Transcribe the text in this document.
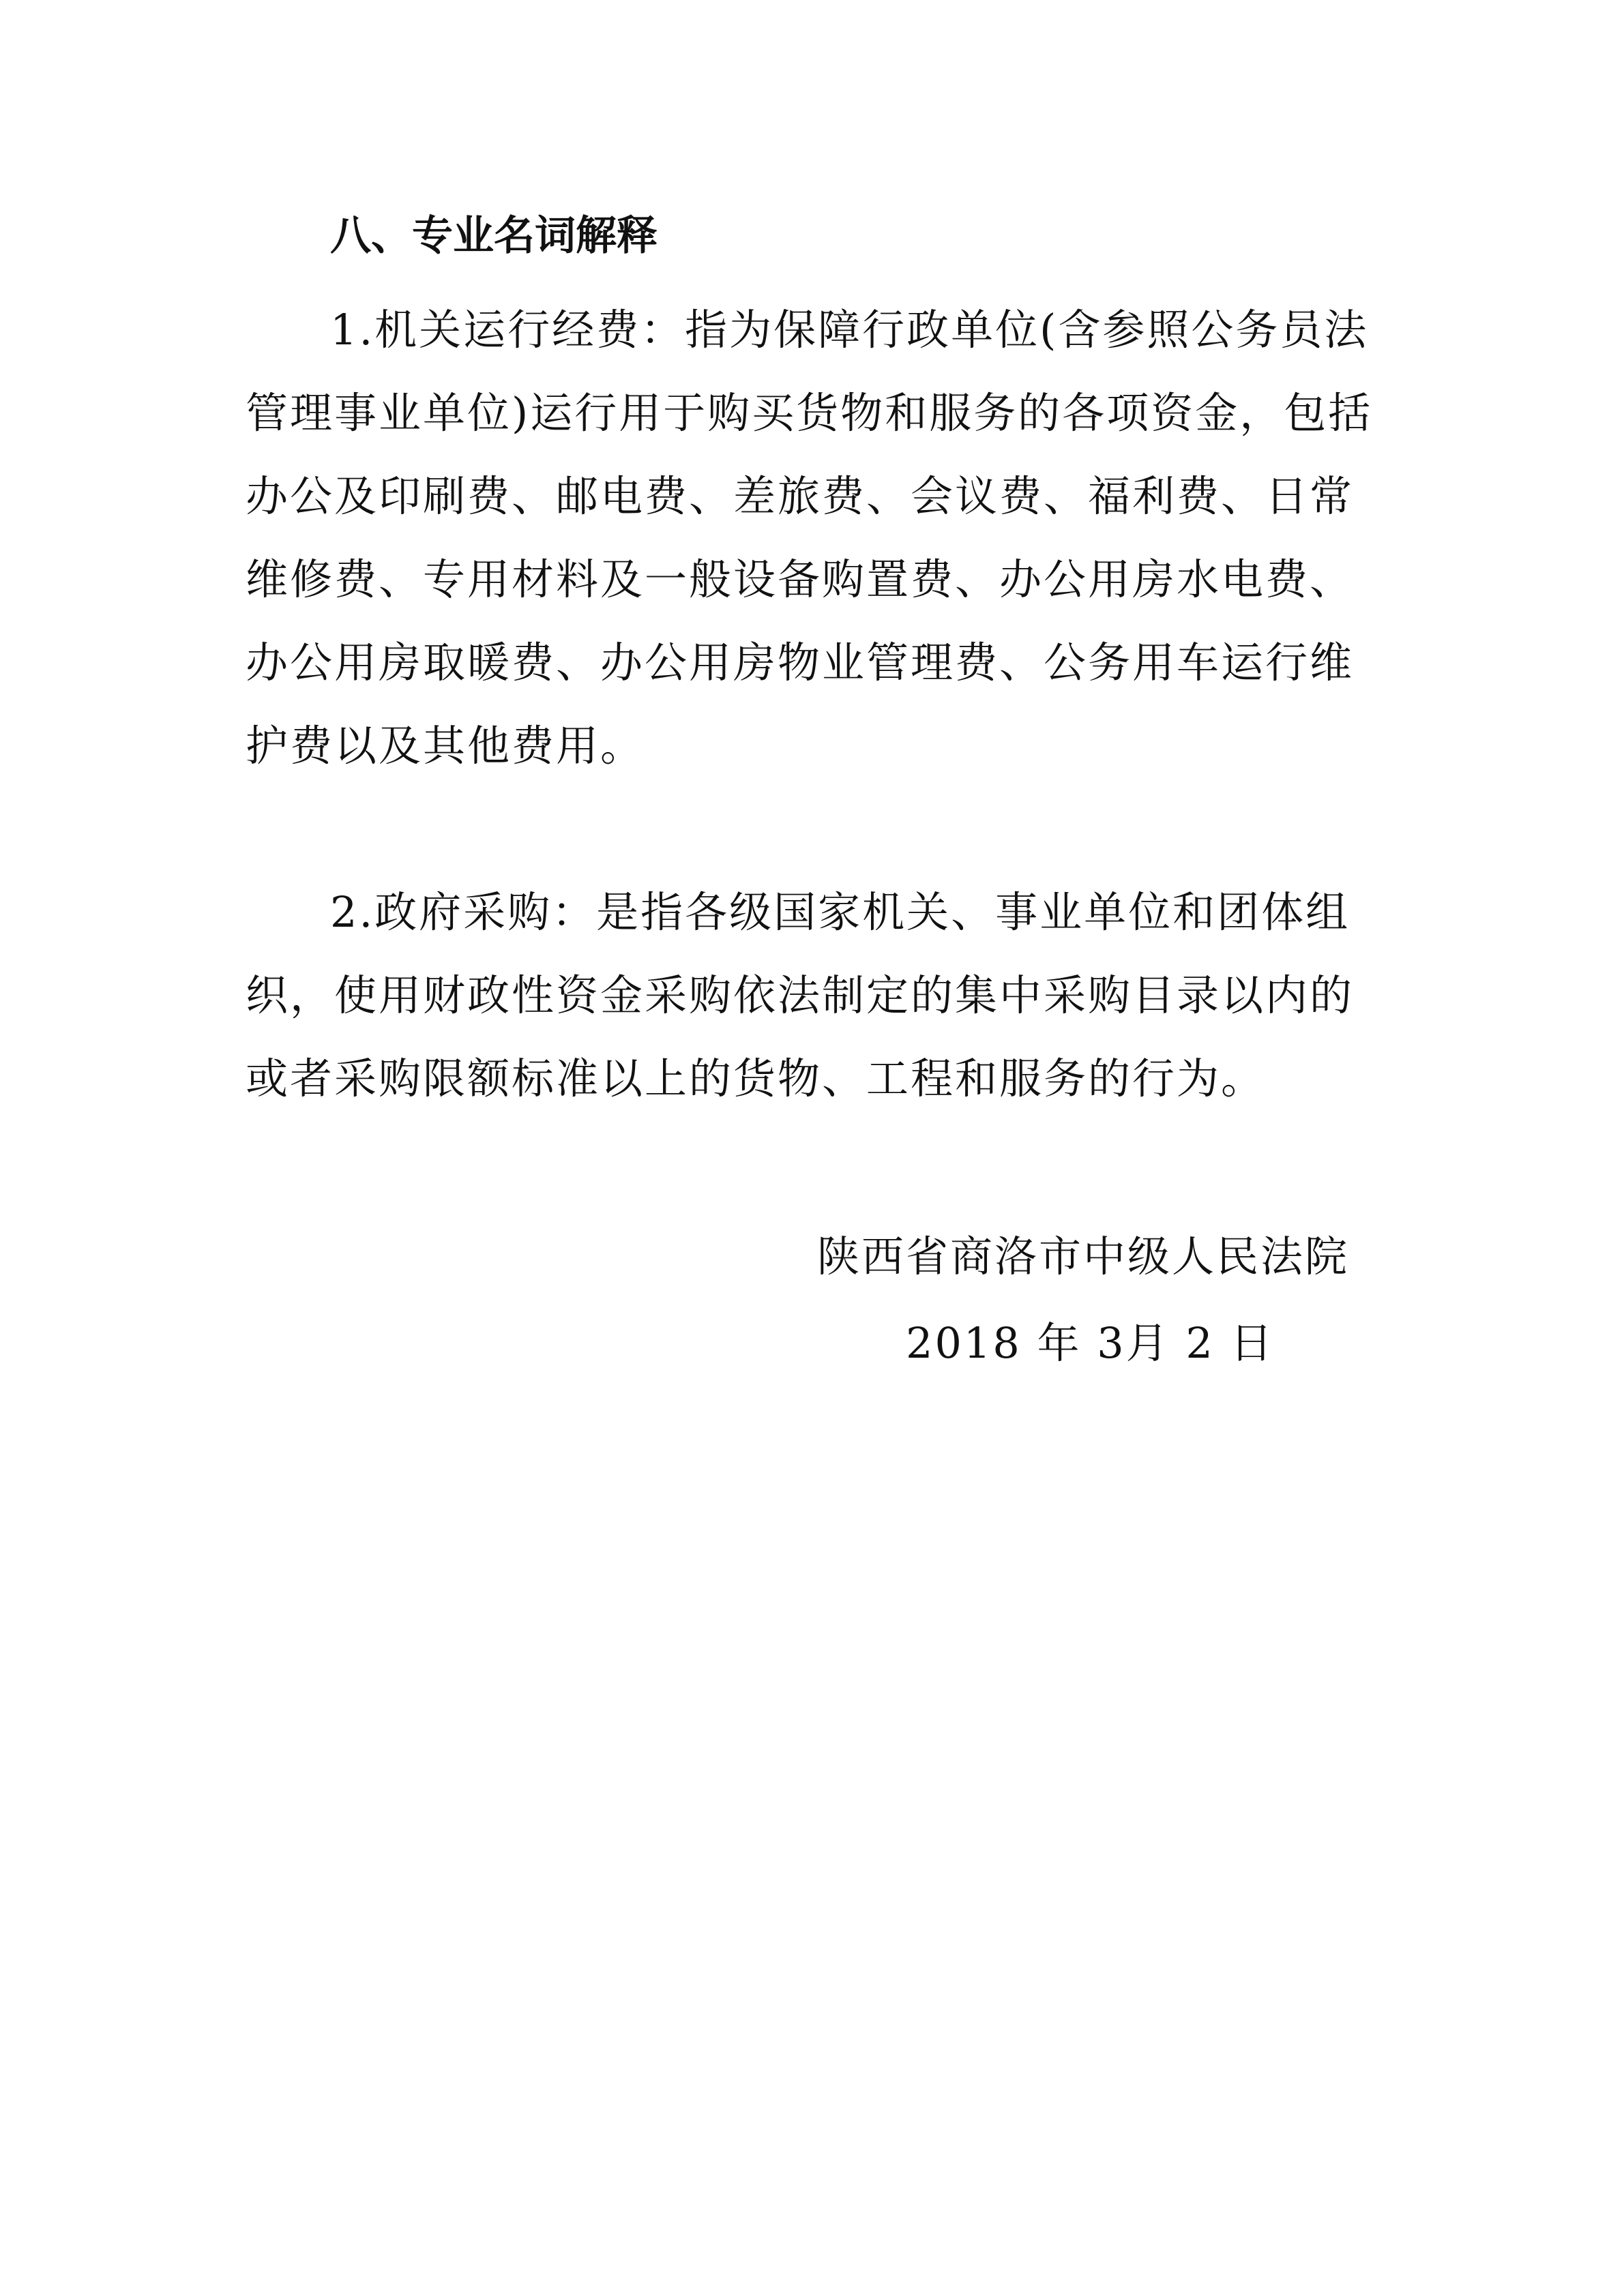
八、专业名词解释

1.机关运行经费：指为保障行政单位(含参照公务员法管理事业单位)运行用于购买货物和服务的各项资金，包括办公及印刷费、邮电费、差旅费、会议费、福利费、日常维修费、专用材料及一般设备购置费、办公用房水电费、办公用房取暖费、办公用房物业管理费、公务用车运行维护费以及其他费用。

2.政府采购：是指各级国家机关、事业单位和团体组织，使用财政性资金采购依法制定的集中采购目录以内的或者采购限额标准以上的货物、工程和服务的行为。

陕西省商洛市中级人民法院

2018 年 3月 2 日
